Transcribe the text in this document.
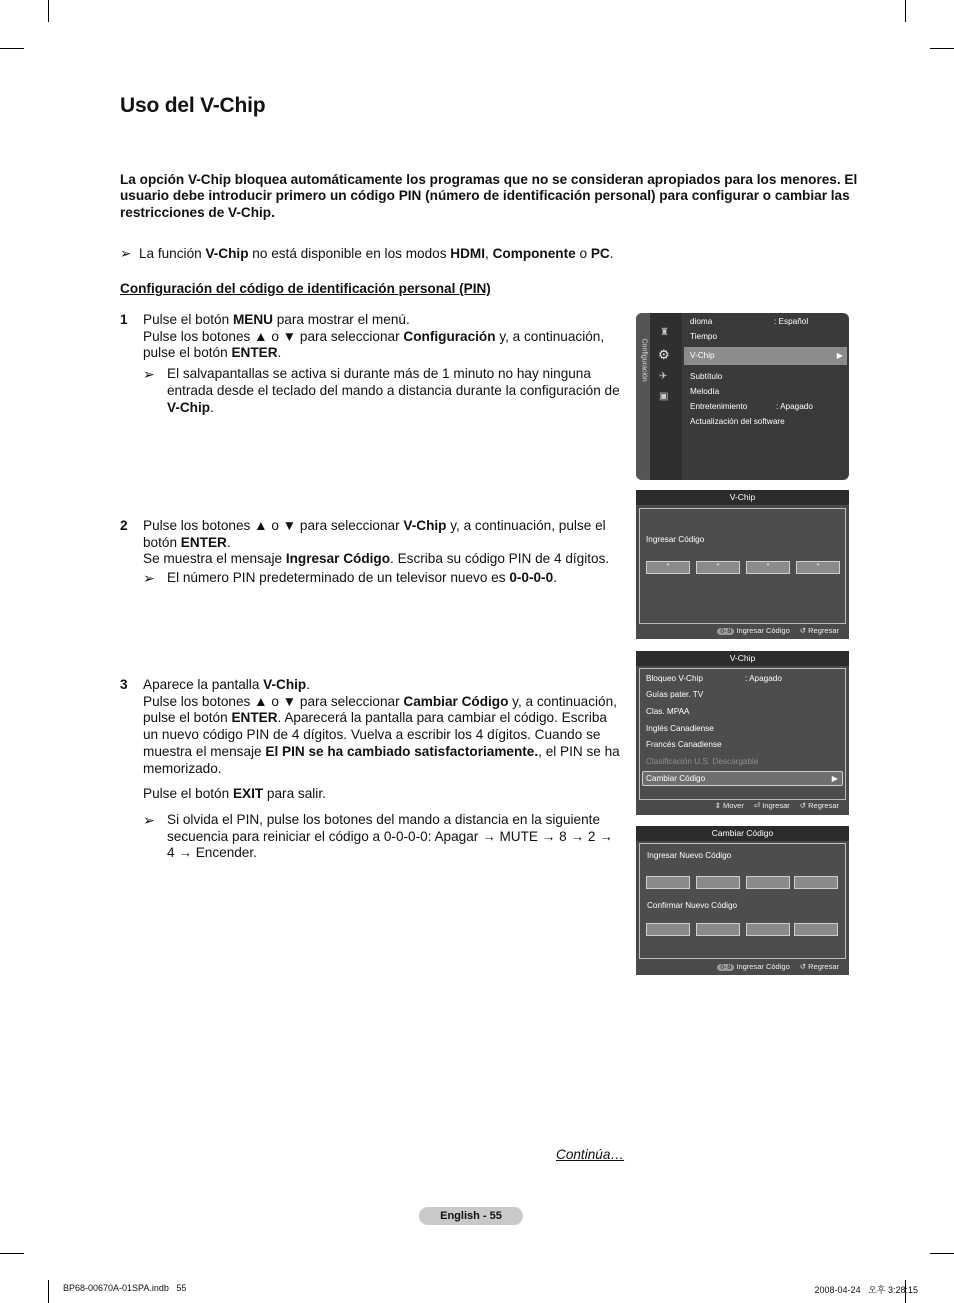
Uso del V-Chip
La opción V-Chip bloquea automáticamente los programas que no se consideran apropiados para los menores. El usuario debe introducir primero un código PIN (número de identificación personal) para configurar o cambiar las restricciones de V-Chip.
➢ La función V-Chip no está disponible en los modos HDMI, Componente o PC.
Configuración del código de identificación personal (PIN)
1 Pulse el botón MENU para mostrar el menú.
Pulse los botones ▲ o ▼ para seleccionar Configuración y, a continuación, pulse el botón ENTER.
➢ El salvapantallas se activa si durante más de 1 minuto no hay ninguna entrada desde el teclado del mando a distancia durante la configuración de V-Chip.
2 Pulse los botones ▲ o ▼ para seleccionar V-Chip y, a continuación, pulse el botón ENTER.
Se muestra el mensaje Ingresar Código. Escriba su código PIN de 4 dígitos.
➢ El número PIN predeterminado de un televisor nuevo es 0-0-0-0.
3 Aparece la pantalla V-Chip.
Pulse los botones ▲ o ▼ para seleccionar Cambiar Código y, a continuación, pulse el botón ENTER. Aparecerá la pantalla para cambiar el código. Escriba un nuevo código PIN de 4 dígitos. Vuelva a escribir los 4 dígitos. Cuando se muestra el mensaje El PIN se ha cambiado satisfactoriamente., el PIN se ha memorizado.
Pulse el botón EXIT para salir.
➢ Si olvida el PIN, pulse los botones del mando a distancia en la siguiente secuencia para reiniciar el código a 0-0-0-0: Apagar → MUTE → 8 → 2 → 4 → Encender.
Configuración
♜
⚙
✈
▣
dioma	: Español
Tiempo
V-Chip	▶
Subtítulo
Melodía
Entretenimiento	: Apagado
Actualización del software
V-Chip
Ingresar Código
*	*	*	*
0~9 Ingresar Código ↺ Regresar
V-Chip
Bloqueo V-Chip	: Apagado
Guías pater. TV
Clas. MPAA
Inglés Canadiense
Francés Canadiense
Clasificación U.S. Descargable
Cambiar Código	▶
⇕ Mover ⏎ Ingresar ↺ Regresar
Cambiar Código
Ingresar Nuevo Código
Confirmar Nuevo Código
0~9 Ingresar Código ↺ Regresar
Continúa…
English - 55
BP68-00670A-01SPA.indb   55	2008-04-24   오후 3:28:15
